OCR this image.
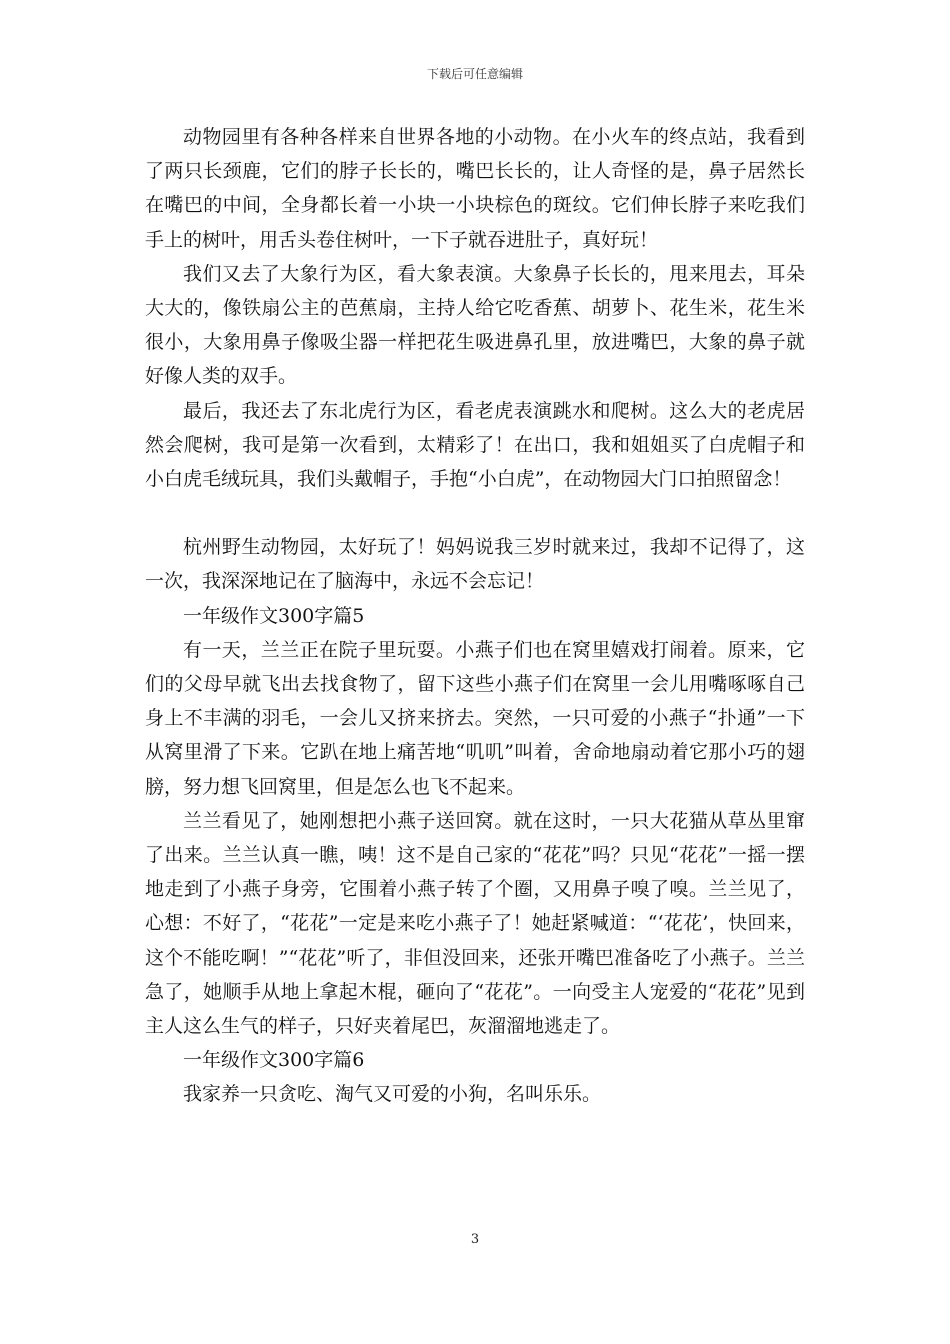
下载后可任意编辑

动物园里有各种各样来自世界各地的小动物。在小火车的终点站，我看到了两只长颈鹿，它们的脖子长长的，嘴巴长长的，让人奇怪的是，鼻子居然长在嘴巴的中间，全身都长着一小块一小块棕色的斑纹。它们伸长脖子来吃我们手上的树叶，用舌头卷住树叶，一下子就吞进肚子，真好玩！

我们又去了大象行为区，看大象表演。大象鼻子长长的，甩来甩去，耳朵大大的，像铁扇公主的芭蕉扇，主持人给它吃香蕉、胡萝卜、花生米，花生米很小，大象用鼻子像吸尘器一样把花生吸进鼻孔里，放进嘴巴，大象的鼻子就好像人类的双手。

最后，我还去了东北虎行为区，看老虎表演跳水和爬树。这么大的老虎居然会爬树，我可是第一次看到，太精彩了！在出口，我和姐姐买了白虎帽子和小白虎毛绒玩具，我们头戴帽子，手抱“小白虎”，在动物园大门口拍照留念！

杭州野生动物园，太好玩了！妈妈说我三岁时就来过，我却不记得了，这一次，我深深地记在了脑海中，永远不会忘记！

一年级作文300字篇5

有一天，兰兰正在院子里玩耍。小燕子们也在窝里嬉戏打闹着。原来，它们的父母早就飞出去找食物了，留下这些小燕子们在窝里一会儿用嘴啄啄自己身上不丰满的羽毛，一会儿又挤来挤去。突然，一只可爱的小燕子“扑通”一下从窝里滑了下来。它趴在地上痛苦地“叽叽”叫着，舍命地扇动着它那小巧的翅膀，努力想飞回窝里，但是怎么也飞不起来。

兰兰看见了，她刚想把小燕子送回窝。就在这时，一只大花猫从草丛里窜了出来。兰兰认真一瞧，咦！这不是自己家的“花花”吗？只见“花花”一摇一摆地走到了小燕子身旁，它围着小燕子转了个圈，又用鼻子嗅了嗅。兰兰见了，心想：不好了，“花花”一定是来吃小燕子了！她赶紧喊道：“‘花花’，快回来，这个不能吃啊！”“花花”听了，非但没回来，还张开嘴巴准备吃了小燕子。兰兰急了，她顺手从地上拿起木棍，砸向了“花花”。一向受主人宠爱的“花花”见到主人这么生气的样子，只好夹着尾巴，灰溜溜地逃走了。

一年级作文300字篇6

我家养一只贪吃、淘气又可爱的小狗，名叫乐乐。

3
